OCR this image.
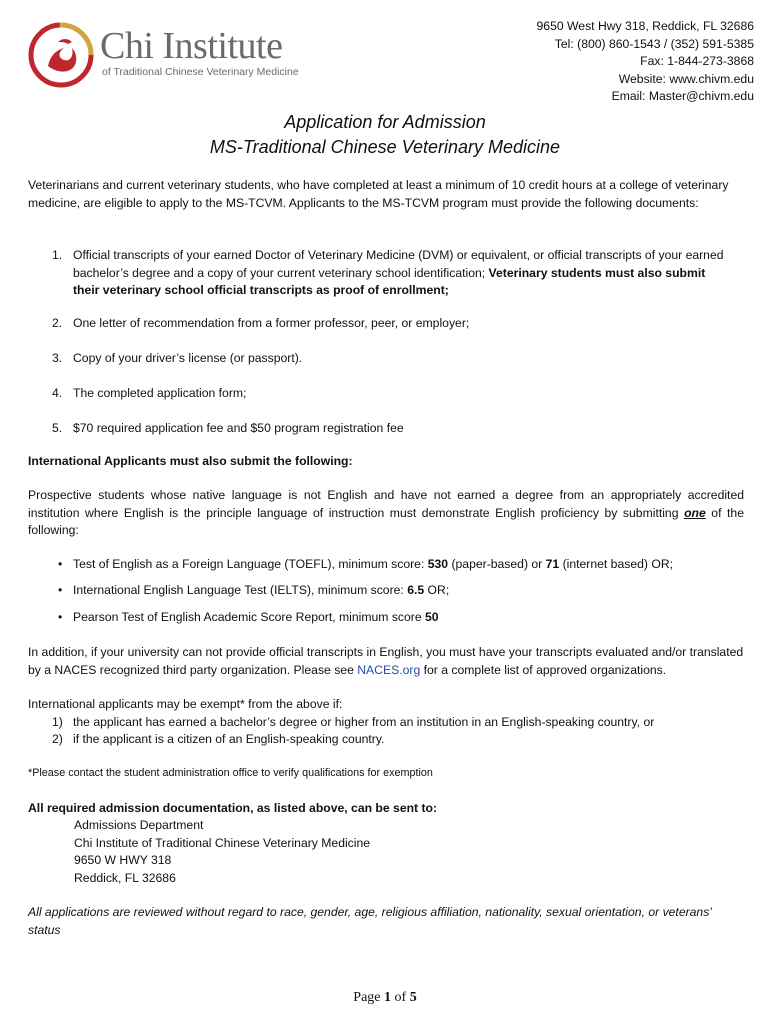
Chi Institute
of Traditional Chinese Veterinary Medicine
9650 West Hwy 318, Reddick, FL 32686
Tel: (800) 860-1543 / (352) 591-5385
Fax: 1-844-273-3868
Website: www.chivm.edu
Email: Master@chivm.edu
Application for Admission
MS-Traditional Chinese Veterinary Medicine
Veterinarians and current veterinary students, who have completed at least a minimum of 10 credit hours at a college of veterinary medicine, are eligible to apply to the MS-TCVM. Applicants to the MS-TCVM program must provide the following documents:
1. Official transcripts of your earned Doctor of Veterinary Medicine (DVM) or equivalent, or official transcripts of your earned bachelor’s degree and a copy of your current veterinary school identification; Veterinary students must also submit their veterinary school official transcripts as proof of enrollment;
2. One letter of recommendation from a former professor, peer, or employer;
3. Copy of your driver’s license (or passport).
4. The completed application form;
5. $70 required application fee and $50 program registration fee
International Applicants must also submit the following:
Prospective students whose native language is not English and have not earned a degree from an appropriately accredited institution where English is the principle language of instruction must demonstrate English proficiency by submitting one of the following:
• Test of English as a Foreign Language (TOEFL), minimum score: 530 (paper-based) or 71 (internet based) OR;
• International English Language Test (IELTS), minimum score: 6.5 OR;
• Pearson Test of English Academic Score Report, minimum score 50
In addition, if your university can not provide official transcripts in English, you must have your transcripts evaluated and/or translated by a NACES recognized third party organization. Please see NACES.org for a complete list of approved organizations.
International applicants may be exempt* from the above if:
1) the applicant has earned a bachelor’s degree or higher from an institution in an English-speaking country, or
2) if the applicant is a citizen of an English-speaking country.
*Please contact the student administration office to verify qualifications for exemption
All required admission documentation, as listed above, can be sent to:
Admissions Department
Chi Institute of Traditional Chinese Veterinary Medicine
9650 W HWY 318
Reddick, FL 32686
All applications are reviewed without regard to race, gender, age, religious affiliation, nationality, sexual orientation, or veterans’ status
Page 1 of 5
